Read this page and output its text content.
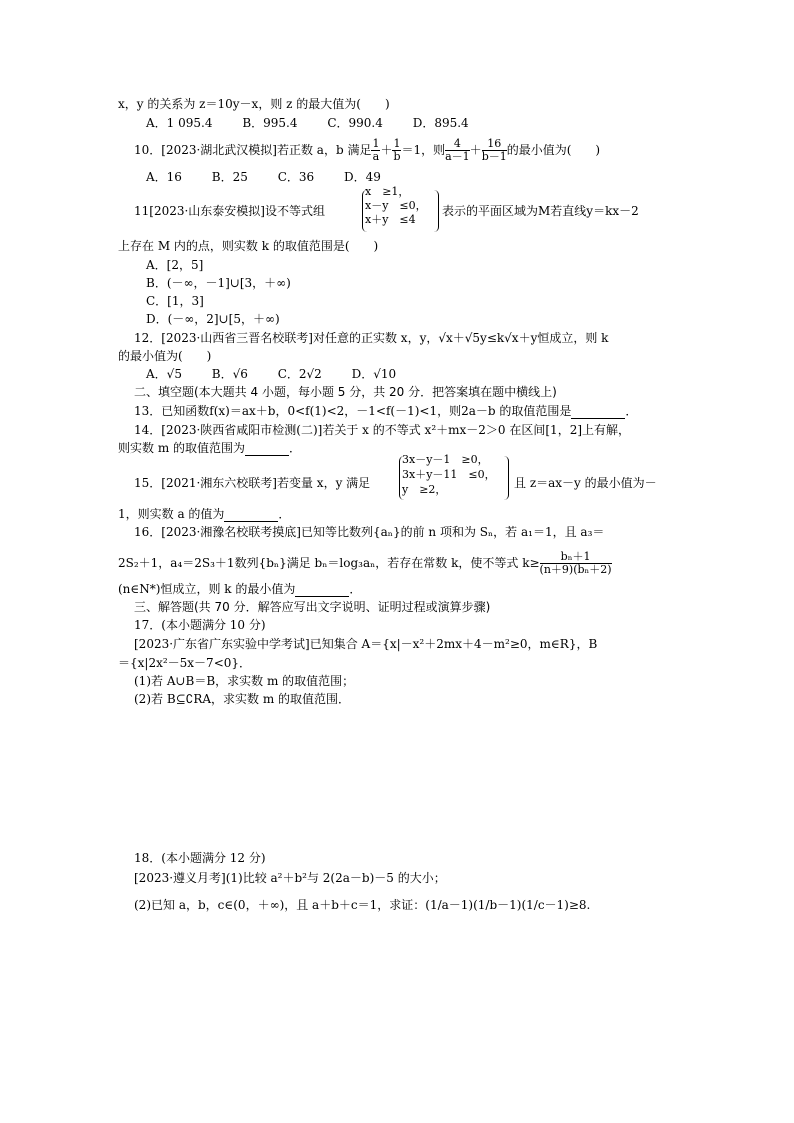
x，y 的关系为 z＝10y－x，则 z 的最大值为(　　)
A．1 095.4 B．995.4 C．990.4 D．895.4
10．[2023·湖北武汉模拟]若正数 a，b 满足 $\frac{1}{a} + \frac{1}{b} =1$，则 $\frac{4}{a-1} + \frac{16}{b-1}$ 的最小值为(　　)
A．16 B．25 C．36 D．49
11[2023·山东泰安模拟]设不等式组
x　≥1，
x－y　≤0，
x＋y　≤4
表示的平面区域为M若直线y＝kx－2
上存在 M 内的点，则实数 k 的取值范围是(　　)
A．[2，5]
B．(－∞，－1]∪[3，＋∞)
C．[1，3]
D．(－∞，2]∪[5，＋∞)
12．[2023·山西省三晋名校联考]对任意的正实数 x，y，√x＋√5y≤k√x＋y恒成立，则 k
的最小值为(　　)
A．√5 B．√6 C．2√2 D．√10
二、填空题(本大题共 4 小题，每小题 5 分，共 20 分．把答案填在题中横线上)
13．已知函数f(x)＝ax＋b，0<f(1)<2，－1<f(－1)<1，则2a－b 的取值范围是	．
14．[2023·陕西省咸阳市检测(二)]若关于 x 的不等式 x²＋mx－2＞0 在区间[1，2]上有解，
则实数 m 的取值范围为	．
15．[2021·湘东六校联考]若变量 x，y 满足
3x－y－1　≥0，
3x＋y－11　≤0，
y　≥2，	且 z＝ax－y 的最小值为－
1，则实数 a 的值为	．
16．[2023·湘豫名校联考摸底]已知等比数列{aₙ}的前 n 项和为 Sₙ，若 a₁＝1，且 a₃＝
2S₂＋1，a₄＝2S₃＋1数列{bₙ}满足 bₙ＝log₃aₙ，若存在常数 k，使不等式 $k\ge \frac{\text{bₙ＋1}}{\text{(n＋9)(bₙ＋2)}}$
(n∈N*)恒成立，则 k 的最小值为	．
三、解答题(共 70 分．解答应写出文字说明、证明过程或演算步骤)
17．(本小题满分 10 分)
[2023·广东省广东实验中学考试]已知集合 A＝{x|－x²＋2mx＋4－m²≥0，m∈R}，B
＝{x|2x²－5x－7<0}．
(1)若 A∪B＝B，求实数 m 的取值范围；
(2)若 B⊆∁RA，求实数 m 的取值范围．
18．(本小题满分 12 分)
[2023·遵义月考](1)比较 a²＋b²与 2(2a－b)－5 的大小；
(2)已知 a，b，c∈(0，＋∞)，且 a＋b＋c＝1，求证：(1/a－1)(1/b－1)(1/c－1)≥8.
